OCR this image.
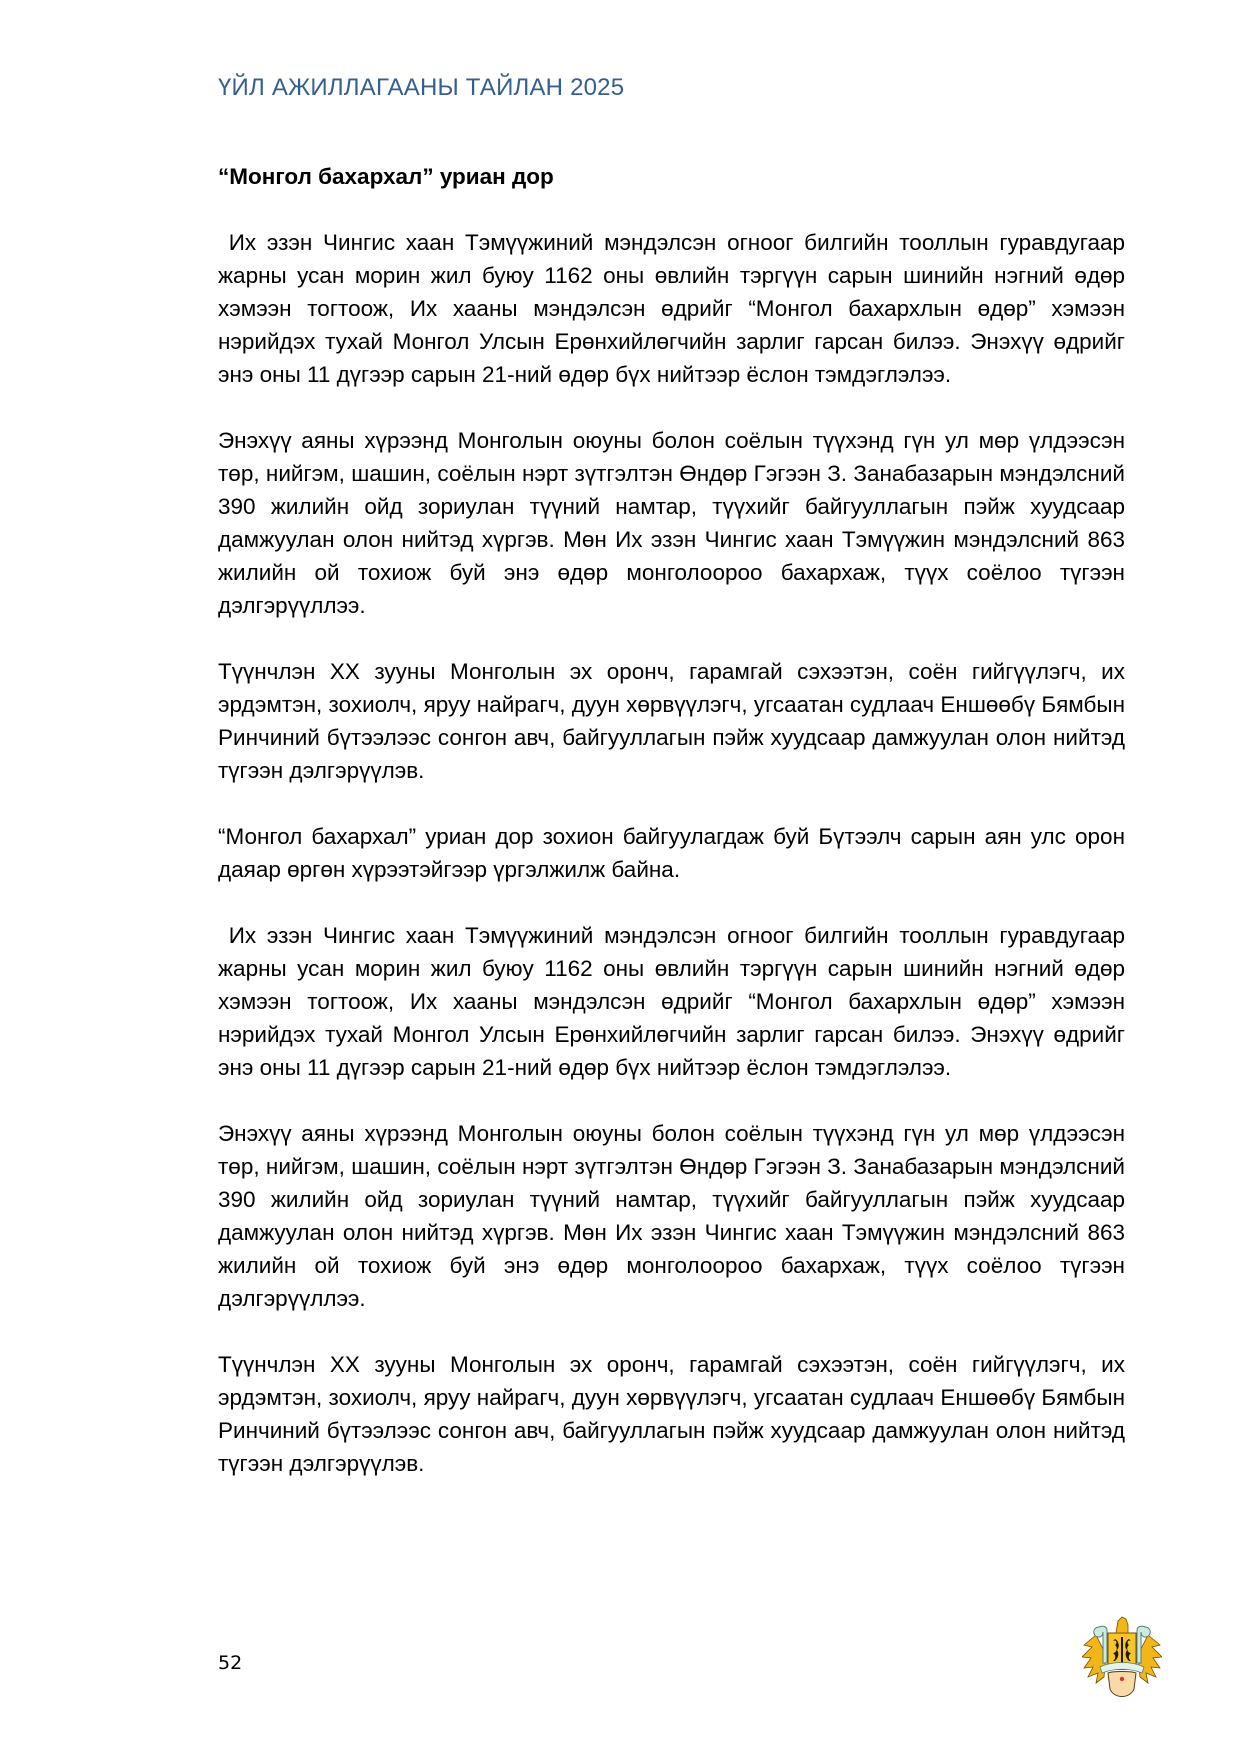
ҮЙЛ АЖИЛЛАГААНЫ ТАЙЛАН 2025

“Монгол бахархал” уриан дор

Их эзэн Чингис хаан Тэмүүжиний мэндэлсэн огноог билгийн тооллын гуравдугаар жарны усан морин жил буюу 1162 оны өвлийн тэргүүн сарын шинийн нэгний өдөр хэмээн тогтоож, Их хааны мэндэлсэн өдрийг “Монгол бахархлын өдөр” хэмээн нэрийдэх тухай Монгол Улсын Ерөнхийлөгчийн зарлиг гарсан билээ. Энэхүү өдрийг энэ оны 11 дүгээр сарын 21-ний өдөр бүх нийтээр ёслон тэмдэглэлээ.

Энэхүү аяны хүрээнд Монголын оюуны болон соёлын түүхэнд гүн ул мөр үлдээсэн төр, нийгэм, шашин, соёлын нэрт зүтгэлтэн Өндөр Гэгээн З. Занабазарын мэндэлсний 390 жилийн ойд зориулан түүний намтар, түүхийг байгууллагын пэйж хуудсаар дамжуулан олон нийтэд хүргэв. Мөн Их эзэн Чингис хаан Тэмүүжин мэндэлсний 863 жилийн ой тохиож буй энэ өдөр монголоороо бахархаж, түүх соёлоо түгээн дэлгэрүүллээ.

Түүнчлэн XX зууны Монголын эх оронч, гарамгай сэхээтэн, соён гийгүүлэгч, их эрдэмтэн, зохиолч, яруу найрагч, дуун хөрвүүлэгч, угсаатан судлаач Еншөөбү Бямбын Ринчиний бүтээлээс сонгон авч, байгууллагын пэйж хуудсаар дамжуулан олон нийтэд түгээн дэлгэрүүлэв.

“Монгол бахархал” уриан дор зохион байгуулагдаж буй Бүтээлч сарын аян улс орон даяар өргөн хүрээтэйгээр үргэлжилж байна.

Их эзэн Чингис хаан Тэмүүжиний мэндэлсэн огноог билгийн тооллын гуравдугаар жарны усан морин жил буюу 1162 оны өвлийн тэргүүн сарын шинийн нэгний өдөр хэмээн тогтоож, Их хааны мэндэлсэн өдрийг “Монгол бахархлын өдөр” хэмээн нэрийдэх тухай Монгол Улсын Ерөнхийлөгчийн зарлиг гарсан билээ. Энэхүү өдрийг энэ оны 11 дүгээр сарын 21-ний өдөр бүх нийтээр ёслон тэмдэглэлээ.

Энэхүү аяны хүрээнд Монголын оюуны болон соёлын түүхэнд гүн ул мөр үлдээсэн төр, нийгэм, шашин, соёлын нэрт зүтгэлтэн Өндөр Гэгээн З. Занабазарын мэндэлсний 390 жилийн ойд зориулан түүний намтар, түүхийг байгууллагын пэйж хуудсаар дамжуулан олон нийтэд хүргэв. Мөн Их эзэн Чингис хаан Тэмүүжин мэндэлсний 863 жилийн ой тохиож буй энэ өдөр монголоороо бахархаж, түүх соёлоо түгээн дэлгэрүүллээ.

Түүнчлэн XX зууны Монголын эх оронч, гарамгай сэхээтэн, соён гийгүүлэгч, их эрдэмтэн, зохиолч, яруу найрагч, дуун хөрвүүлэгч, угсаатан судлаач Еншөөбү Бямбын Ринчиний бүтээлээс сонгон авч, байгууллагын пэйж хуудсаар дамжуулан олон нийтэд түгээн дэлгэрүүлэв.

52
